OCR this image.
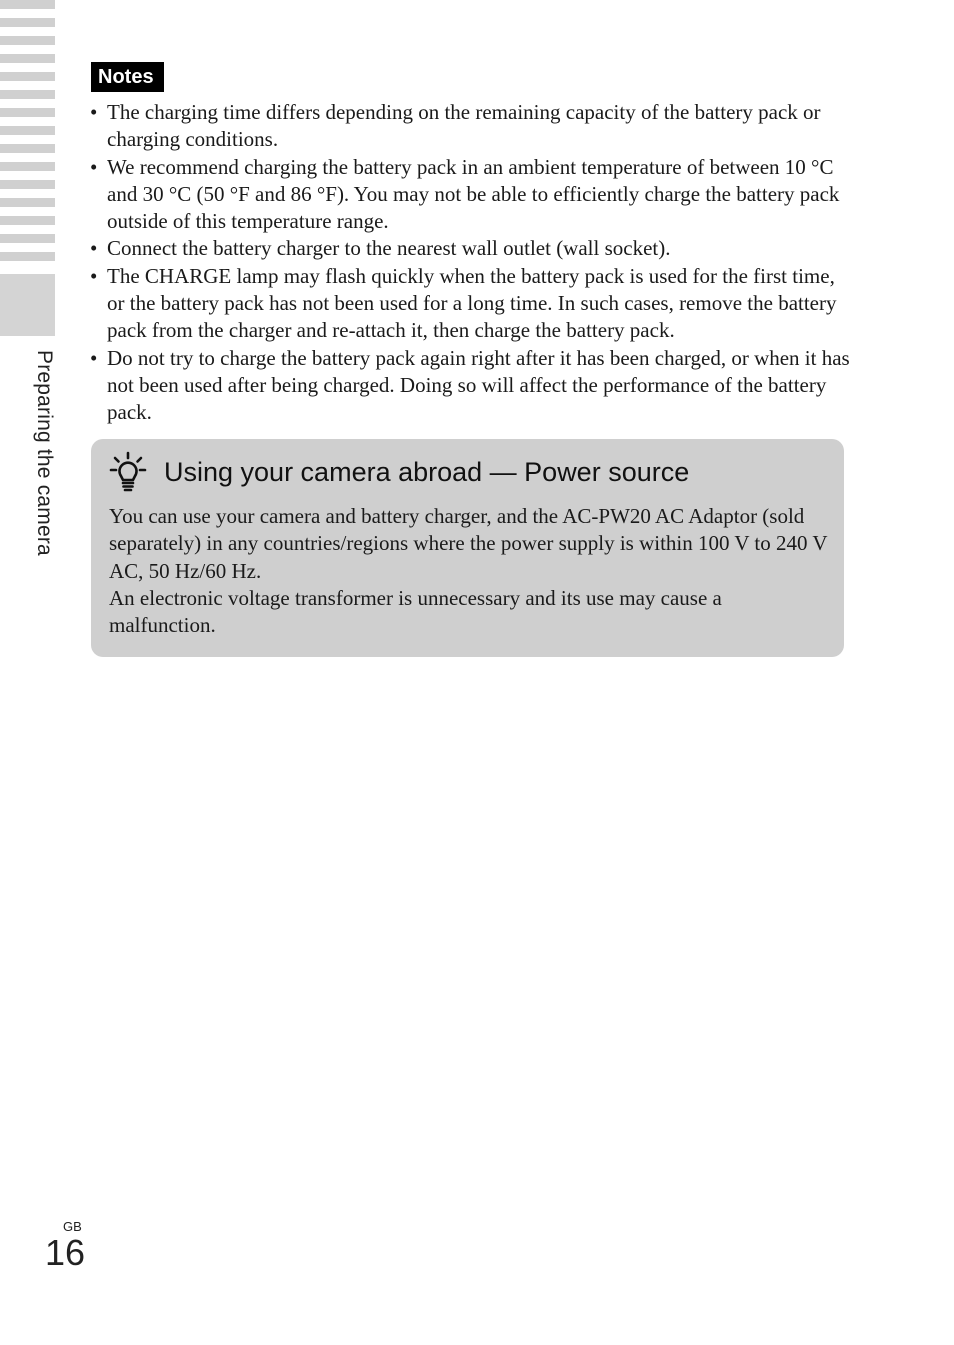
Preparing the camera
Notes
• The charging time differs depending on the remaining capacity of the battery pack or charging conditions.
• We recommend charging the battery pack in an ambient temperature of between 10 °C and 30 °C (50 °F and 86 °F). You may not be able to efficiently charge the battery pack outside of this temperature range.
• Connect the battery charger to the nearest wall outlet (wall socket).
• The CHARGE lamp may flash quickly when the battery pack is used for the first time, or the battery pack has not been used for a long time. In such cases, remove the battery pack from the charger and re-attach it, then charge the battery pack.
• Do not try to charge the battery pack again right after it has been charged, or when it has not been used after being charged. Doing so will affect the performance of the battery pack.
Using your camera abroad — Power source

You can use your camera and battery charger, and the AC-PW20 AC Adaptor (sold separately) in any countries/regions where the power supply is within 100 V to 240 V AC, 50 Hz/60 Hz.
An electronic voltage transformer is unnecessary and its use may cause a malfunction.

GB
16
